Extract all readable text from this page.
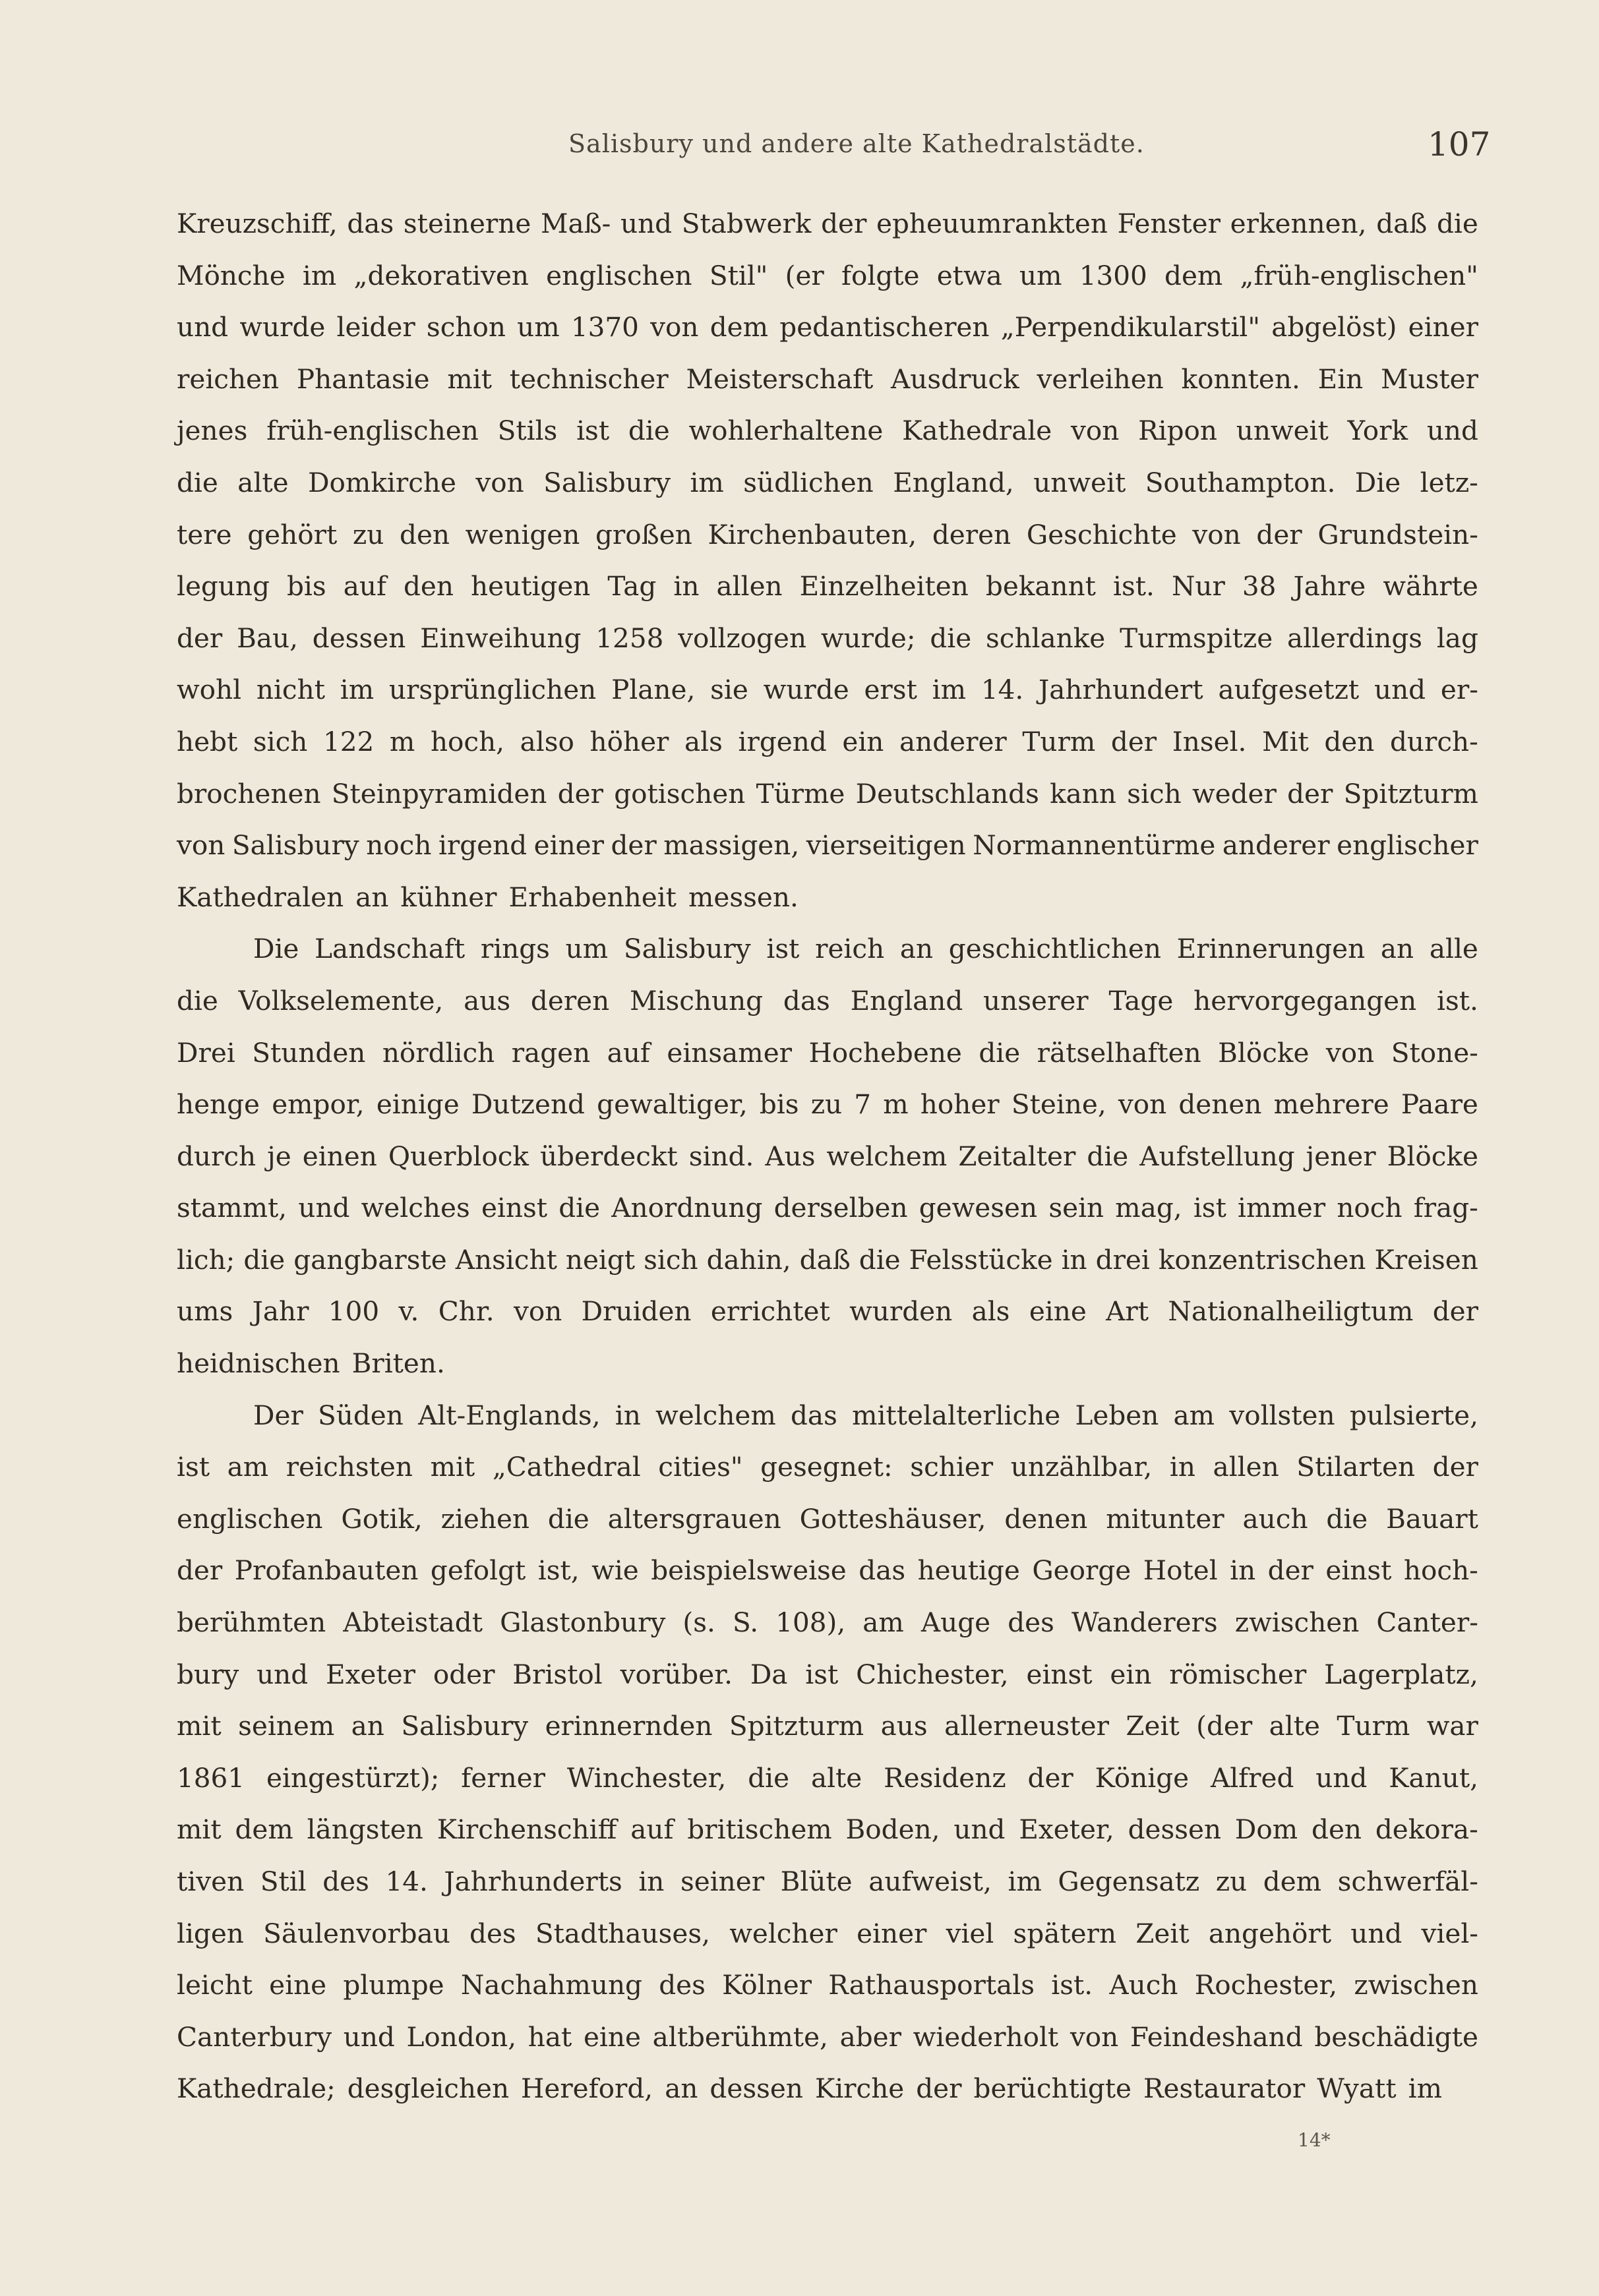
Salisbury und andere alte Kathedralstädte.	107
Kreuzschiff, das steinerne Maß- und Stabwerk der epheuumrankten Fenster erkennen, daß die
Mönche im „dekorativen englischen Stil" (er folgte etwa um 1300 dem „früh-englischen"
und wurde leider schon um 1370 von dem pedantischeren „Perpendikularstil" abgelöst) einer
reichen Phantasie mit technischer Meisterschaft Ausdruck verleihen konnten. Ein Muster
jenes früh-englischen Stils ist die wohlerhaltene Kathedrale von Ripon unweit York und
die alte Domkirche von Salisbury im südlichen England, unweit Southampton. Die letz-
tere gehört zu den wenigen großen Kirchenbauten, deren Geschichte von der Grundstein-
legung bis auf den heutigen Tag in allen Einzelheiten bekannt ist. Nur 38 Jahre währte
der Bau, dessen Einweihung 1258 vollzogen wurde; die schlanke Turmspitze allerdings lag
wohl nicht im ursprünglichen Plane, sie wurde erst im 14. Jahrhundert aufgesetzt und er-
hebt sich 122 m hoch, also höher als irgend ein anderer Turm der Insel. Mit den durch-
brochenen Steinpyramiden der gotischen Türme Deutschlands kann sich weder der Spitzturm
von Salisbury noch irgend einer der massigen, vierseitigen Normannentürme anderer englischer
Kathedralen an kühner Erhabenheit messen.
Die Landschaft rings um Salisbury ist reich an geschichtlichen Erinnerungen an alle
die Volkselemente, aus deren Mischung das England unserer Tage hervorgegangen ist.
Drei Stunden nördlich ragen auf einsamer Hochebene die rätselhaften Blöcke von Stone-
henge empor, einige Dutzend gewaltiger, bis zu 7 m hoher Steine, von denen mehrere Paare
durch je einen Querblock überdeckt sind. Aus welchem Zeitalter die Aufstellung jener Blöcke
stammt, und welches einst die Anordnung derselben gewesen sein mag, ist immer noch frag-
lich; die gangbarste Ansicht neigt sich dahin, daß die Felsstücke in drei konzentrischen Kreisen
ums Jahr 100 v. Chr. von Druiden errichtet wurden als eine Art Nationalheiligtum der
heidnischen Briten.
Der Süden Alt-Englands, in welchem das mittelalterliche Leben am vollsten pulsierte,
ist am reichsten mit „Cathedral cities" gesegnet: schier unzählbar, in allen Stilarten der
englischen Gotik, ziehen die altersgrauen Gotteshäuser, denen mitunter auch die Bauart
der Profanbauten gefolgt ist, wie beispielsweise das heutige George Hotel in der einst hoch-
berühmten Abteistadt Glastonbury (s. S. 108), am Auge des Wanderers zwischen Canter-
bury und Exeter oder Bristol vorüber. Da ist Chichester, einst ein römischer Lagerplatz,
mit seinem an Salisbury erinnernden Spitzturm aus allerneuster Zeit (der alte Turm war
1861 eingestürzt); ferner Winchester, die alte Residenz der Könige Alfred und Kanut,
mit dem längsten Kirchenschiff auf britischem Boden, und Exeter, dessen Dom den dekora-
tiven Stil des 14. Jahrhunderts in seiner Blüte aufweist, im Gegensatz zu dem schwerfäl-
ligen Säulenvorbau des Stadthauses, welcher einer viel spätern Zeit angehört und viel-
leicht eine plumpe Nachahmung des Kölner Rathausportals ist. Auch Rochester, zwischen
Canterbury und London, hat eine altberühmte, aber wiederholt von Feindeshand beschädigte
Kathedrale; desgleichen Hereford, an dessen Kirche der berüchtigte Restaurator Wyatt im
14*
